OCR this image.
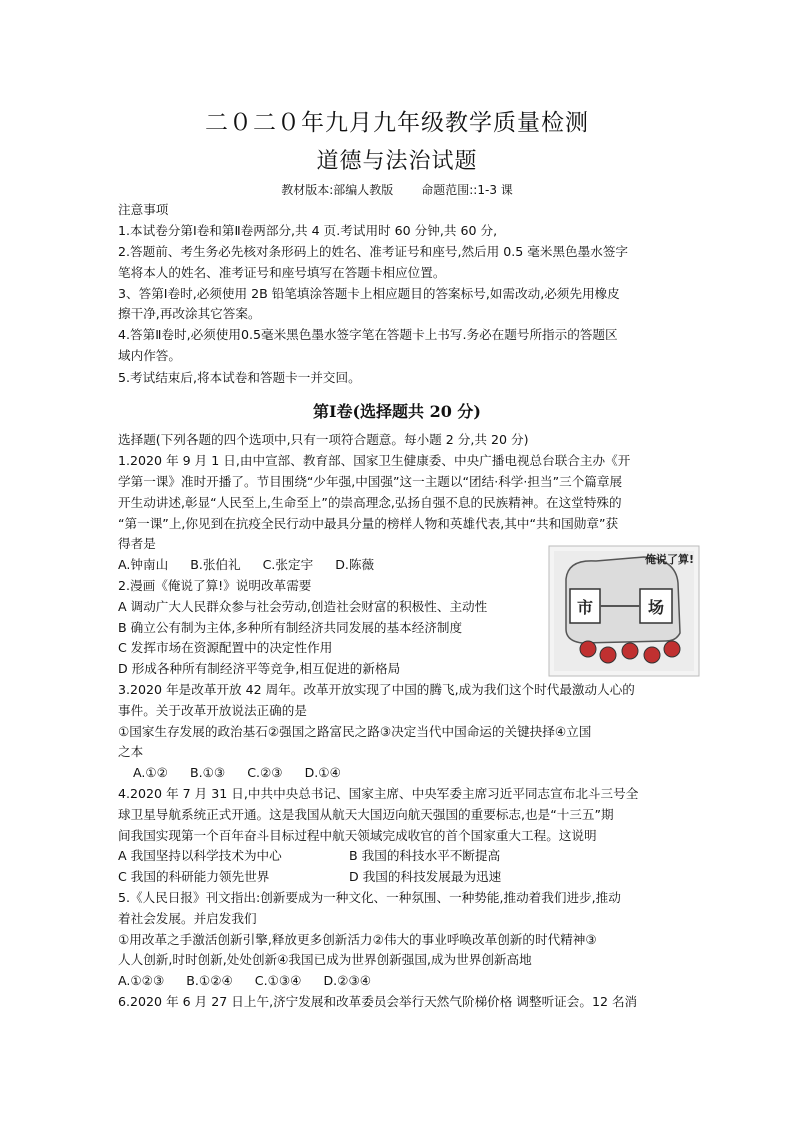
二０二０年九月九年级教学质量检测
道德与法治试题
教材版本:部编人教版 命题范围::1-3 课
注意事项
1.本试卷分第Ⅰ卷和第Ⅱ卷两部分,共 4 页.考试用时 60 分钟,共 60 分,
2.答题前、考生务必先核对条形码上的姓名、准考证号和座号,然后用 0.5 毫米黑色墨水签字
笔将本人的姓名、准考证号和座号填写在答题卡相应位置。
3、答第Ⅰ卷时,必须使用 2B 铅笔填涂答题卡上相应题目的答案标号,如需改动,必须先用橡皮
擦干净,再改涂其它答案。
4.答第Ⅱ卷时,必须使用0.5毫米黑色墨水签字笔在答题卡上书写.务必在题号所指示的答题区
域内作答。
5.考试结束后,将本试卷和答题卡一并交回。
第Ⅰ卷(选择题共 20 分)
选择题(下列各题的四个选项中,只有一项符合题意。每小题 2 分,共 20 分)
1.2020 年 9 月 1 日,由中宣部、教育部、国家卫生健康委、中央广播电视总台联合主办《开
学第一课》准时开播了。节目围绕“少年强,中国强”这一主题以“团结·科学·担当”三个篇章展
开生动讲述,彰显“人民至上,生命至上”的崇高理念,弘扬自强不息的民族精神。在这堂特殊的
“第一课”上,你见到在抗疫全民行动中最具分量的榜样人物和英雄代表,其中“共和国勋章”获
得者是
A.钟南山 B.张伯礼 C.张定宇 D.陈薇
2.漫画《俺说了算!》说明改革需要
A 调动广大人民群众参与社会劳动,创造社会财富的积极性、主动性
B 确立公有制为主体,多种所有制经济共同发展的基本经济制度
C 发挥市场在资源配置中的决定性作用
D 形成各种所有制经济平等竞争,相互促进的新格局
俺说了算!
市	场
3.2020 年是改革开放 42 周年。改革开放实现了中国的腾飞,成为我们这个时代最激动人心的
事件。关于改革开放说法正确的是
①国家生存发展的政治基石②强国之路富民之路③决定当代中国命运的关键抉择④立国
之本
A.①② B.①③ C.②③ D.①④
4.2020 年 7 月 31 日,中共中央总书记、国家主席、中央军委主席习近平同志宣布北斗三号全
球卫星导航系统正式开通。这是我国从航天大国迈向航天强国的重要标志,也是“十三五”期
间我国实现第一个百年奋斗目标过程中航天领域完成收官的首个国家重大工程。这说明
A 我国坚持以科学技术为中心	B 我国的科技水平不断提高
C 我国的科研能力领先世界	D 我国的科技发展最为迅速
5.《人民日报》刊文指出:创新要成为一种文化、一种氛围、一种势能,推动着我们进步,推动
着社会发展。并启发我们
①用改革之手激活创新引擎,释放更多创新活力②伟大的事业呼唤改革创新的时代精神③
人人创新,时时创新,处处创新④我国已成为世界创新强国,成为世界创新高地
A.①②③ B.①②④ C.①③④ D.②③④
6.2020 年 6 月 27 日上午,济宁发展和改革委员会举行天然气阶梯价格 调整听证会。12 名消
